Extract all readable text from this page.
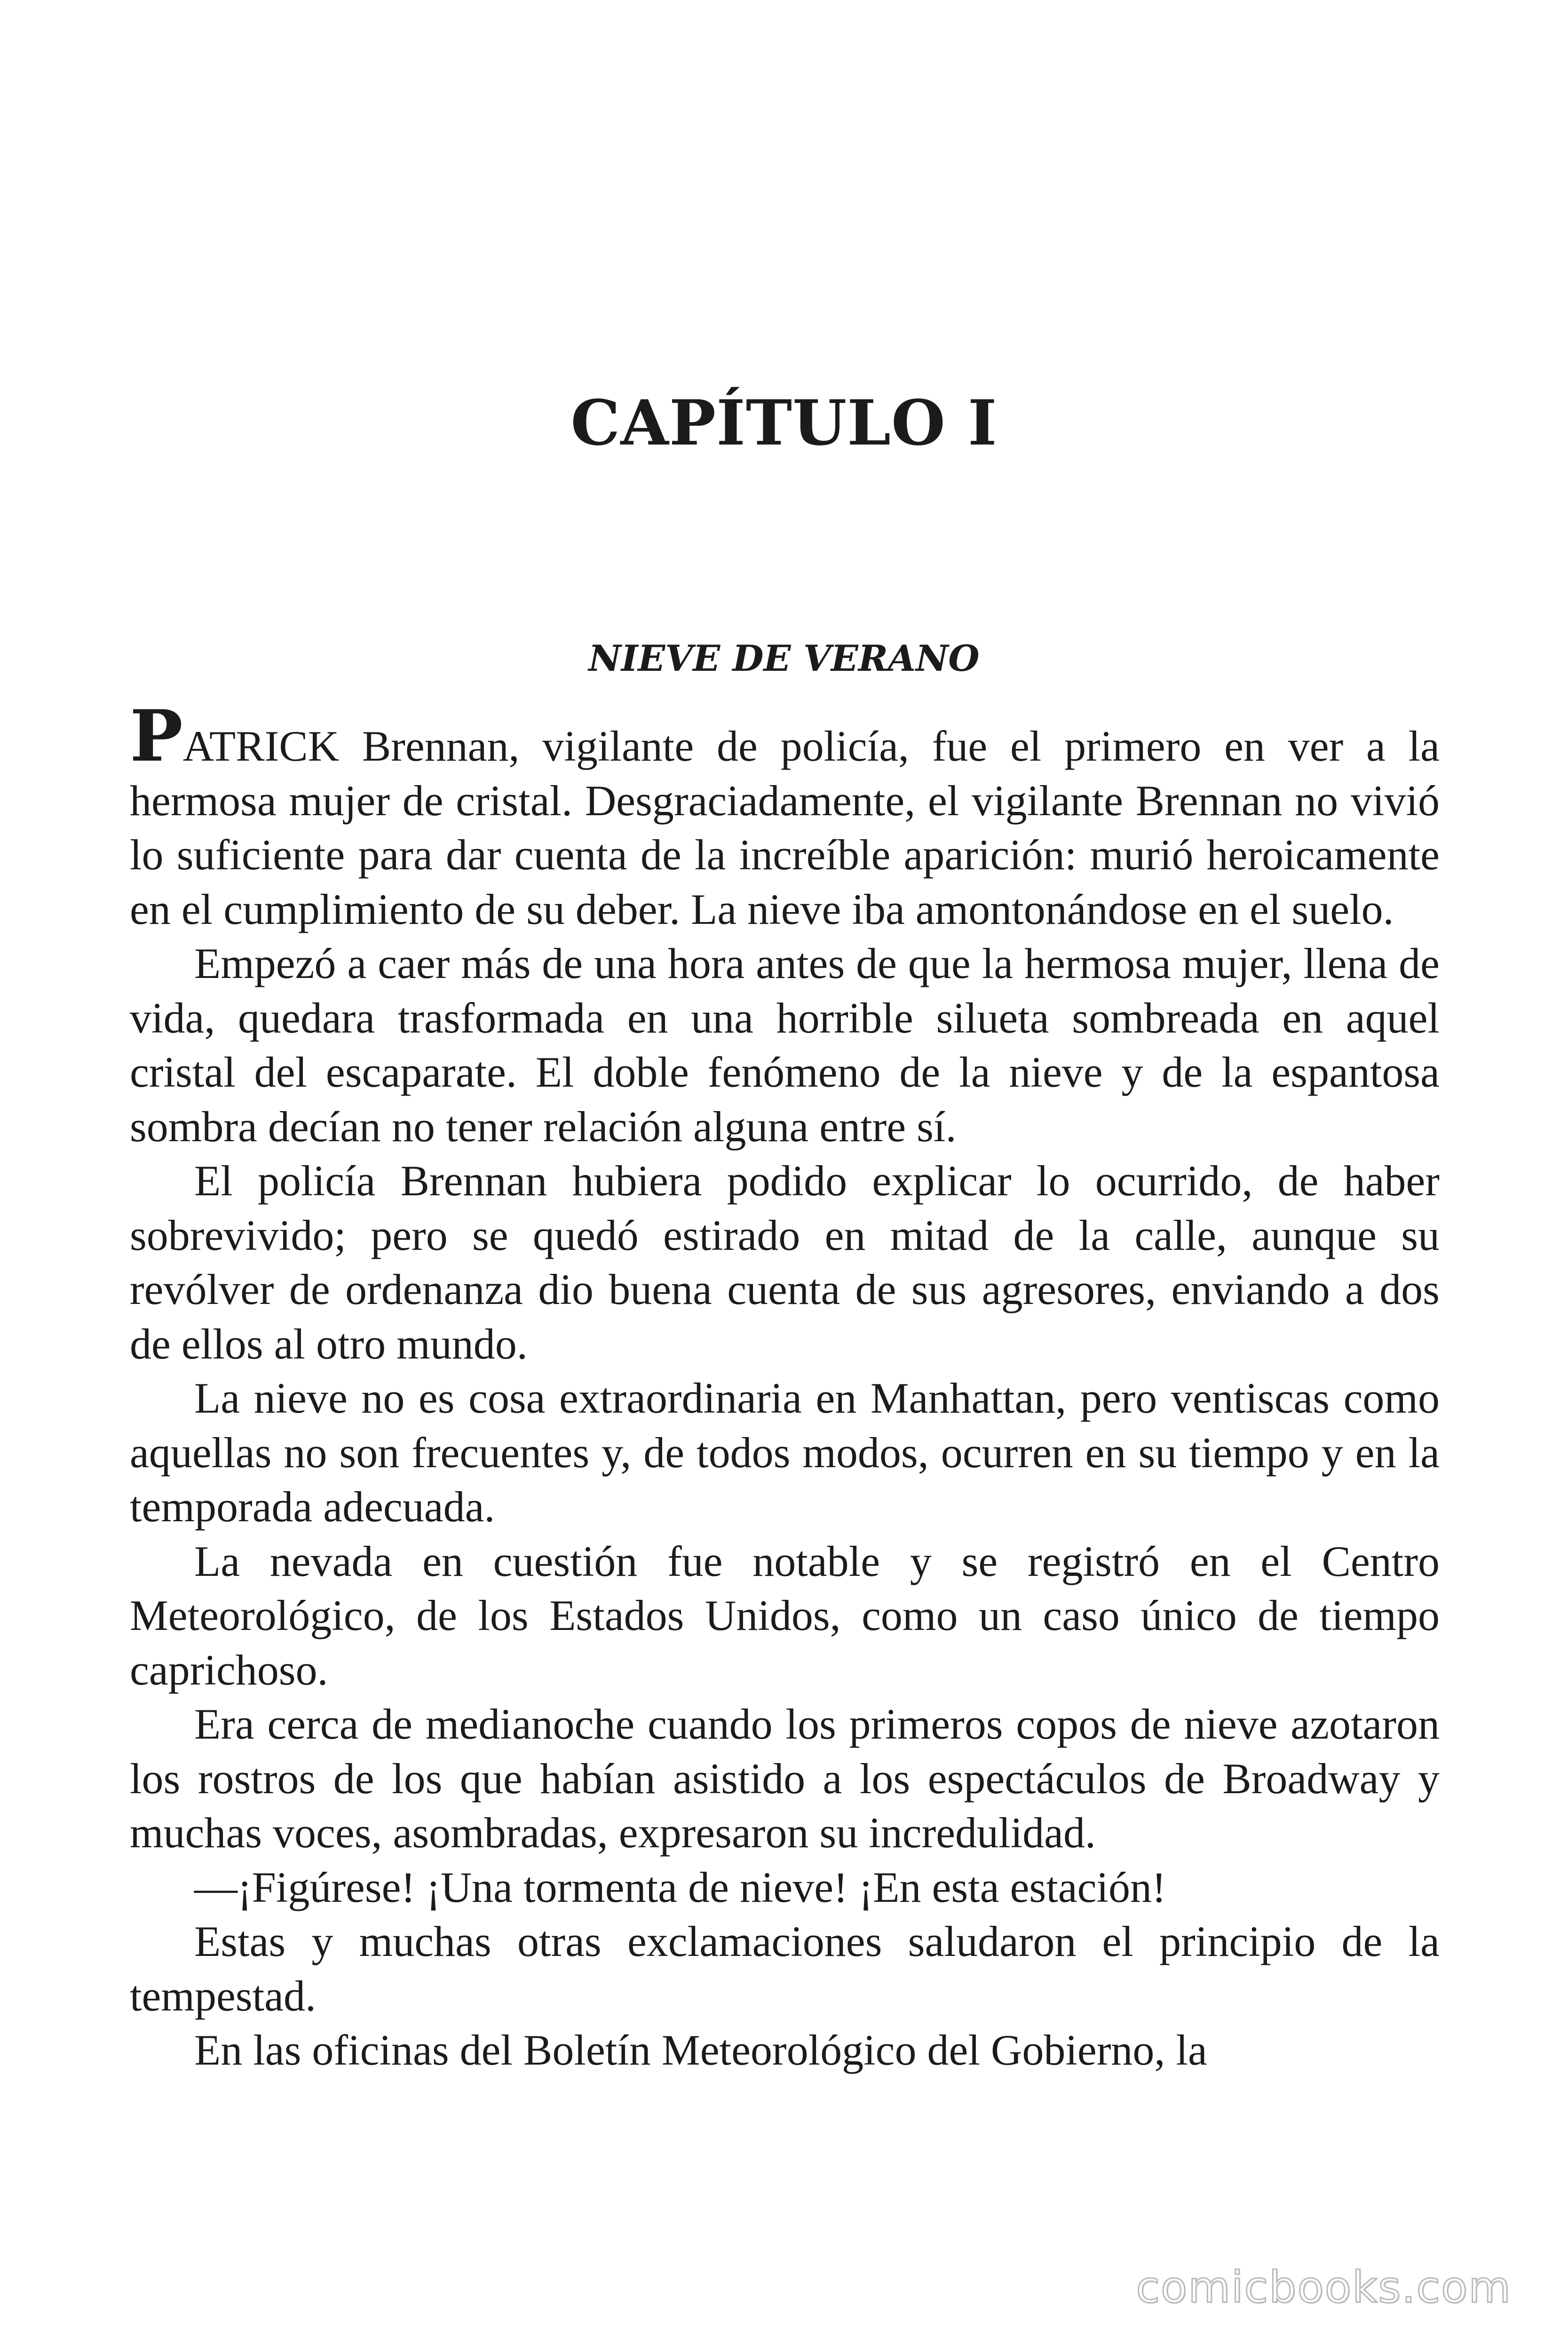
CAPÍTULO I
NIEVE DE VERANO

PATRICK Brennan, vigilante de policía, fue el primero en ver a la hermosa mujer de cristal. Desgraciadamente, el vigilante Brennan no vivió lo suficiente para dar cuenta de la increíble aparición: murió heroicamente en el cumplimiento de su deber. La nieve iba amontonándose en el suelo.

Empezó a caer más de una hora antes de que la hermosa mujer, llena de vida, quedara trasformada en una horrible silueta sombreada en aquel cristal del escaparate. El doble fenómeno de la nieve y de la espantosa sombra decían no tener relación alguna entre sí.

El policía Brennan hubiera podido explicar lo ocurrido, de haber sobrevivido; pero se quedó estirado en mitad de la calle, aunque su revólver de ordenanza dio buena cuenta de sus agresores, enviando a dos de ellos al otro mundo.

La nieve no es cosa extraordinaria en Manhattan, pero ventiscas como aquellas no son frecuentes y, de todos modos, ocurren en su tiempo y en la temporada adecuada.

La nevada en cuestión fue notable y se registró en el Centro Meteorológico, de los Estados Unidos, como un caso único de tiempo caprichoso.

Era cerca de medianoche cuando los primeros copos de nieve azotaron los rostros de los que habían asistido a los espectáculos de Broadway y muchas voces, asombradas, expresaron su incredulidad.

—¡Figúrese! ¡Una tormenta de nieve! ¡En esta estación!

Estas y muchas otras exclamaciones saludaron el principio de la tempestad.

En las oficinas del Boletín Meteorológico del Gobierno, la

comicbooks.com
